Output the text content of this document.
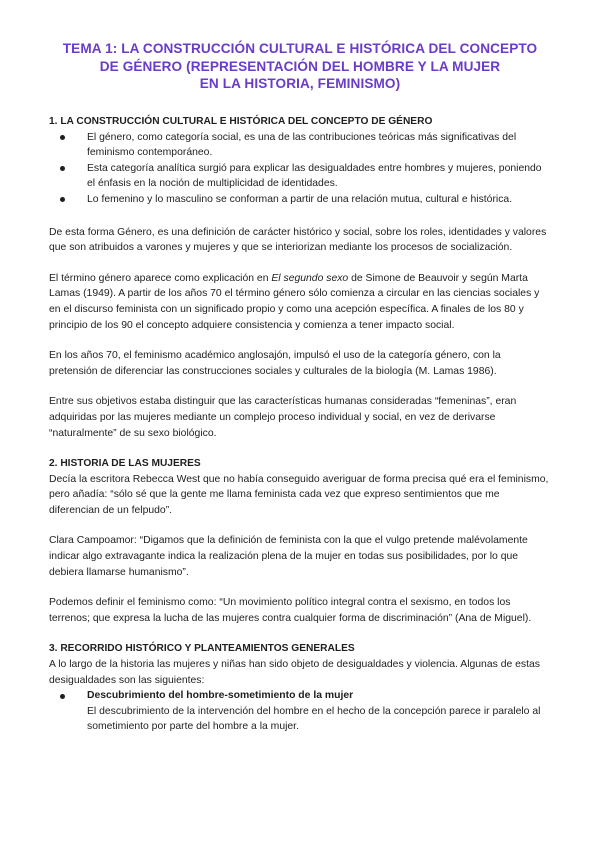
TEMA 1: LA CONSTRUCCIÓN CULTURAL E HISTÓRICA DEL CONCEPTO
DE GÉNERO (REPRESENTACIÓN DEL HOMBRE Y LA MUJER
EN LA HISTORIA, FEMINISMO)

1. LA CONSTRUCCIÓN CULTURAL E HISTÓRICA DEL CONCEPTO DE GÉNERO

El género, como categoría social, es una de las contribuciones teóricas más significativas del feminismo contemporáneo.
Esta categoría analítica surgió para explicar las desigualdades entre hombres y mujeres, poniendo el énfasis en la noción de multiplicidad de identidades.
Lo femenino y lo masculino se conforman a partir de una relación mutua, cultural e histórica.

De esta forma Género, es una definición de carácter histórico y social, sobre los roles, identidades y valores que son atribuidos a varones y mujeres y que se interiorizan mediante los procesos de socialización.

El término género aparece como explicación en El segundo sexo de Simone de Beauvoir y según Marta Lamas (1949). A partir de los años 70 el término género sólo comienza a circular en las ciencias sociales y en el discurso feminista con un significado propio y como una acepción específica. A finales de los 80 y principio de los 90 el concepto adquiere consistencia y comienza a tener impacto social.

En los años 70, el feminismo académico anglosajón, impulsó el uso de la categoría género, con la pretensión de diferenciar las construcciones sociales y culturales de la biología (M. Lamas 1986).

Entre sus objetivos estaba distinguir que las características humanas consideradas “femeninas”, eran adquiridas por las mujeres mediante un complejo proceso individual y social, en vez de derivarse “naturalmente” de su sexo biológico.

2. HISTORIA DE LAS MUJERES

Decía la escritora Rebecca West que no había conseguido averiguar de forma precisa qué era el feminismo, pero añadía: “sólo sé que la gente me llama feminista cada vez que expreso sentimientos que me diferencian de un felpudo”.

Clara Campoamor: “Digamos que la definición de feminista con la que el vulgo pretende malévolamente indicar algo extravagante indica la realización plena de la mujer en todas sus posibilidades, por lo que debiera llamarse humanismo”.

Podemos definir el feminismo como: “Un movimiento político integral contra el sexismo, en todos los terrenos; que expresa la lucha de las mujeres contra cualquier forma de discriminación” (Ana de Miguel).

3. RECORRIDO HISTÓRICO Y PLANTEAMIENTOS GENERALES

A lo largo de la historia las mujeres y niñas han sido objeto de desigualdades y violencia. Algunas de estas desigualdades son las siguientes:

Descubrimiento del hombre-sometimiento de la mujer

El descubrimiento de la intervención del hombre en el hecho de la concepción parece ir paralelo al sometimiento por parte del hombre a la mujer.
